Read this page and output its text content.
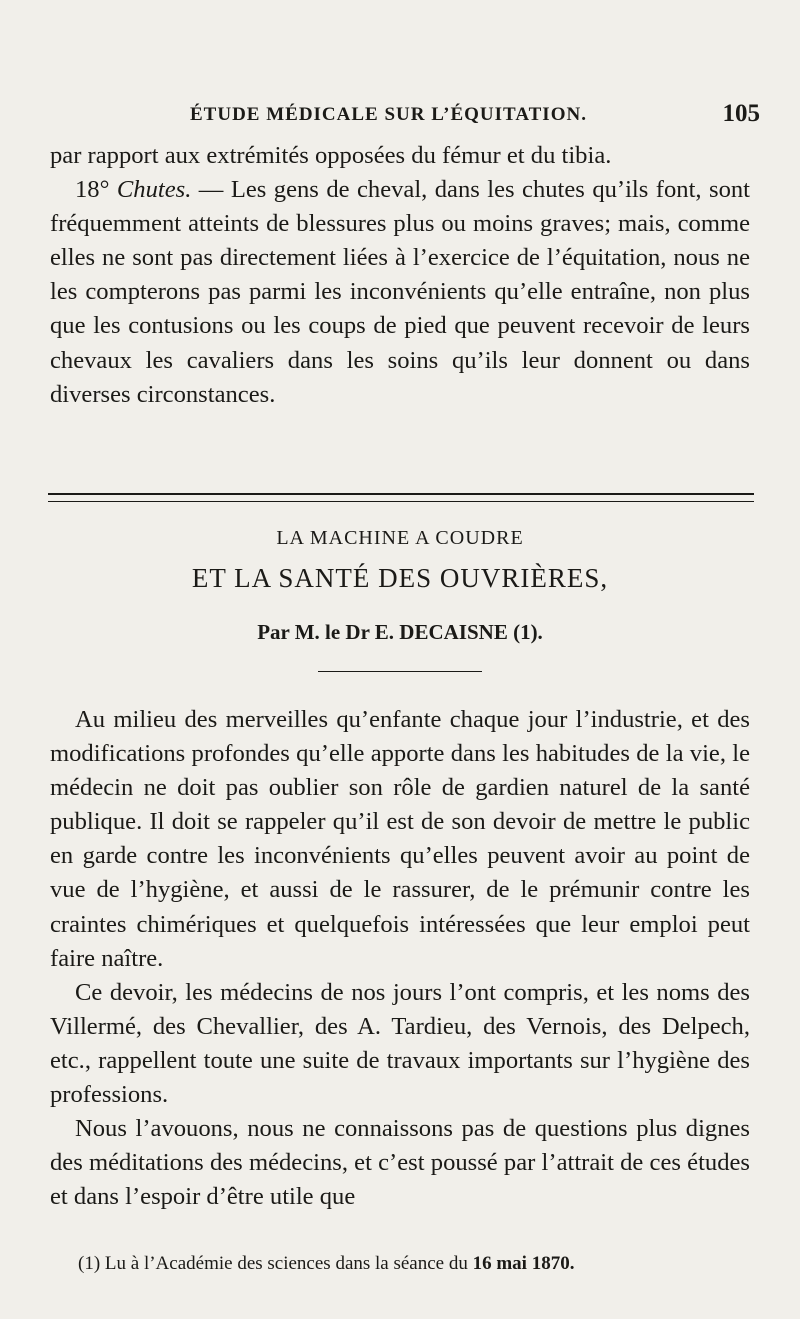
ÉTUDE MÉDICALE SUR L’ÉQUITATION.	105

par rapport aux extrémités opposées du fémur et du tibia.

18° Chutes. — Les gens de cheval, dans les chutes qu’ils font, sont fréquemment atteints de blessures plus ou moins graves; mais, comme elles ne sont pas directement liées à l’exercice de l’équitation, nous ne les compterons pas parmi les inconvénients qu’elle entraîne, non plus que les contusions ou les coups de pied que peuvent recevoir de leurs chevaux les cavaliers dans les soins qu’ils leur donnent ou dans diverses circonstances.

LA MACHINE A COUDRE
ET LA SANTÉ DES OUVRIÈRES,
Par M. le Dr E. DECAISNE (1).

Au milieu des merveilles qu’enfante chaque jour l’industrie, et des modifications profondes qu’elle apporte dans les habitudes de la vie, le médecin ne doit pas oublier son rôle de gardien naturel de la santé publique. Il doit se rappeler qu’il est de son devoir de mettre le public en garde contre les inconvénients qu’elles peuvent avoir au point de vue de l’hygiène, et aussi de le rassurer, de le prémunir contre les craintes chimériques et quelquefois intéressées que leur emploi peut faire naître.

Ce devoir, les médecins de nos jours l’ont compris, et les noms des Villermé, des Chevallier, des A. Tardieu, des Vernois, des Delpech, etc., rappellent toute une suite de travaux importants sur l’hygiène des professions.

Nous l’avouons, nous ne connaissons pas de questions plus dignes des méditations des médecins, et c’est poussé par l’attrait de ces études et dans l’espoir d’être utile que

(1) Lu à l’Académie des sciences dans la séance du 16 mai 1870.
